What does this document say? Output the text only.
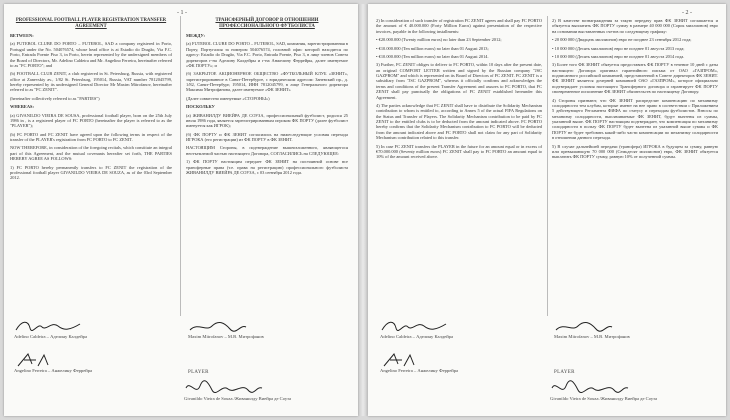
- 1 -

PROFESSIONAL FOOTBALL PLAYER REGISTRATION TRANSFER AGREEMENT

BETWEEN:

(a) FUTEBOL CLUBE DO PORTO – FUTEBOL, SAD a company registered in Porto, Portugal under the No. 504076574, whose head office is at Estadio do Dragão, Via F.C. Porto, Entrada Poente Piso 3, in Porto, herein represented by the undersigned members of the Board of Directors, Mr. Adelino Caldeira and Mr. Angelino Ferreira, hereinafter referred to as "FC PORTO"; and

(b) FOOTBALL CLUB ZENIT, a club registered in St. Petersburg, Russia, with registered office at Zanevskiy av., 1/82 St. Petersburg, 195014, Russia, VAT number 7812045799, hereby represented by its undersigned General Director Mr Maxim Mitrofanov, hereinafter referred to as "FC ZENIT".

(hereinafter collectively referred to as "PARTIES")

WHEREAS:

(a) GIVANILDO VIEIRA DE SOUSA, professional football player, born on the 25th July 1986 in , is a registered player of FC PORTO (hereinafter the player is referred to as the "PLAYER");

(b) FC PORTO and FC ZENIT have agreed upon the following terms in respect of the transfer of the PLAYER's registration from FC PORTO to FC ZENIT.

NOW THEREFORE, in consideration of the foregoing recitals, which constitute an integral part of this Agreement, and the mutual covenants hereafter set forth, THE PARTIES HEREBY AGREE AS FOLLOWS:

1) FC PORTO hereby permanently transfers to FC ZENIT the registration of the professional football player GIVANILDO VIEIRA DE SOUZA, as of the 03rd September 2012.

ТРАНСФЕРНЫЙ ДОГОВОР В ОТНОШЕНИИ ПРОФЕССИОНАЛЬНОГО ФУТБОЛИСТА

МЕЖДУ:

(а) FUTEBOL CLUBE DO PORTO – FUTEBOL, SAD, компания, зарегистрированная в Порту, Португалия за номером 504076574, головной офис которой находится по адресу: Estadio do Dragão, Via F.C. Porto, Entrada Poente, Piso 3, в лице членов Совета директоров г-на Аделину Калдейры и г-на Анжелину Феррейры, далее именуемое «ФК ПОРТУ»; и

(б) ЗАКРЫТОЕ АКЦИОНЕРНОЕ ОБЩЕСТВО «ФУТБОЛЬНЫЙ КЛУБ «ЗЕНИТ», зарегистрированное в Санкт-Петербурге, с юридическим адресом: Заневский пр., д. 1/82, Санкт-Петербург, 195014, ИНН 7812045799, в лице Генерального директора Максима Митрофанова, далее именуемое «ФК ЗЕНИТ»

(Далее совместно именуемые «СТОРОНЫ»)

ПОСКОЛЬКУ

(а) ЖИВАНИЛДУ ВИЕЙРА ДЕ СОУЗА, профессиональный футболист, родился 25 июля 1986 года, является зарегистрированным игроком ФК ПОРТУ (далее футболист именуется как ИГРОК);

(б) ФК ПОРТУ и ФК ЗЕНИТ согласились на нижеследующие условия перехода ИГРОКА (его регистрации) из ФК ПОРТУ в ФК ЗЕНИТ.

НАСТОЯЩИМ Стороны, в подтверждение вышеизложенного, являющегося неотъемлемой частью настоящего Договора, СОГЛАСИЛИСЬ на СЛЕДУЮЩЕЕ:

1) ФК ПОРТУ настоящим передает ФК ЗЕНИТ на постоянной основе все трансферные права (т.е. права на регистрацию) профессионального футболиста ЖИВАНИЛДУ ВИЕЙРА ДЕ СОУЗА, с 03 сентября 2012 года.

Adelino Caldeira – Аделину Калдейра	Maxim Mitrofanov – М.В. Митрофанов
Angelino Ferreira – Анжелину Феррейра	PLAYER
Givanildo Vieira de Souza /Живанилду Виейра де Соуза
- 2 -

2) In consideration of such transfer of registration FC ZENIT agrees and shall pay FC PORTO the amount of € 40.000.000 (Forty Million Euros) against presentation of the respective invoices, payable in the following installments:

• €20.000.000 (Twenty million euros) no later than 23 September 2012;

• €10.000.000 (Ten million euros) no later than 01 August 2013;

• €10.000.000 (Ten million euros) no later than 01 August 2014.

3) Further, FC ZENIT obliges to deliver to FC PORTO, within 10 days after the present date, an original COMFORT LETTER written and signed by the Russian company "JSC GAZPROM" and which is represented on its Board of Directors of FC ZENIT. FC ZENIT is a subsidiary from "JSC GAZPROM", whereas it officially confirms and acknowledges the terms and conditions of the present Transfer Agreement and assures to FC PORTO, that FC ZENIT shall pay punctually the obligations of FC ZENIT established hereunder this Agreement.

4) The parties acknowledge that FC ZENIT shall have to distribute the Solidarity Mechanism contribution to whom is entitled to, according to Annex 5 of the actual FIFA Regulations on the Status and Transfer of Players. The Solidarity Mechanism contribution to be paid by FC ZENIT to the entitled clubs is to be deducted from the amount indicated above. FC PORTO hereby confirms that the Solidarity Mechanism contribution to FC PORTO will be deducted from the amount indicated above and FC PORTO shall not claim for any part of Solidarity Mechanism contribution related to this transfer.

5) In case FC ZENIT transfers the PLAYER in the future for an amount equal or in excess of €70.000.000 (Seventy million euros) FC ZENIT shall pay to FC PORTO an amount equal to 10% of the amount received above.

2) В качестве вознаграждения за такую передачу прав ФК ЗЕНИТ соглашается и обязуется выплатить ФК ПОРТУ сумму в размере 40 000 000 (Сорок миллионов) евро на основании выставленных счетов по следующему графику:

• 20 000 000 (Двадцать миллионов) евро не позднее 23 сентября 2012 года;

• 10 000 000 (Десять миллионов) евро не позднее 01 августа 2013 года;

• 10 000 000 (Десять миллионов) евро не позднее 01 августа 2014 года.

3) Более того ФК ЗЕНИТ обязуется предоставить ФК ПОРТУ в течение 10 дней с даты настоящего Договора оригинал гарантийного письма от ОАО «ГАЗПРОМ», подписанного российской компанией, представленной в Совете директоров ФК ЗЕНИТ. ФК ЗЕНИТ является дочерней компанией ОАО «ГАЗПРОМ», которое официально подтверждает условия настоящего Трансферного договора и гарантирует ФК ПОРТУ своевременное исполнение ФК ЗЕНИТ обязательств по настоящему Договору.

4) Стороны признают, что ФК ЗЕНИТ распределит компенсацию по механизму солидарности тем клубам, которые имеют на нее право в соответствии с Приложением 5 действующего Регламента ФИФА по статусу и переходам футболистов. Взносы по механизму солидарности, выплачиваемые ФК ЗЕНИТ, будут вычтены из суммы, указанной выше. ФК ПОРТУ настоящим подтверждает, что компенсация по механизму солидарности в пользу ФК ПОРТУ будет вычтена из указанной выше суммы и ФК ПОРТУ не будет требовать какой-либо части компенсации по механизму солидарности в отношении данного перехода.

5) В случае дальнейшей передачи (трансфера) ИГРОКА в будущем за сумму, равную или превышающую 70 000 000 (Семьдесят миллионов) евро, ФК ЗЕНИТ обязуется выплатить ФК ПОРТУ сумму, равную 10% от полученной суммы.

Adelino Caldeira – Аделину Калдейра	Maxim Mitrofanov – М.В. Митрофанов
Angelino Ferreira – Анжелину Феррейра	PLAYER
Givanildo Vieira de Souza /Живанилду Виейра де Соуза
